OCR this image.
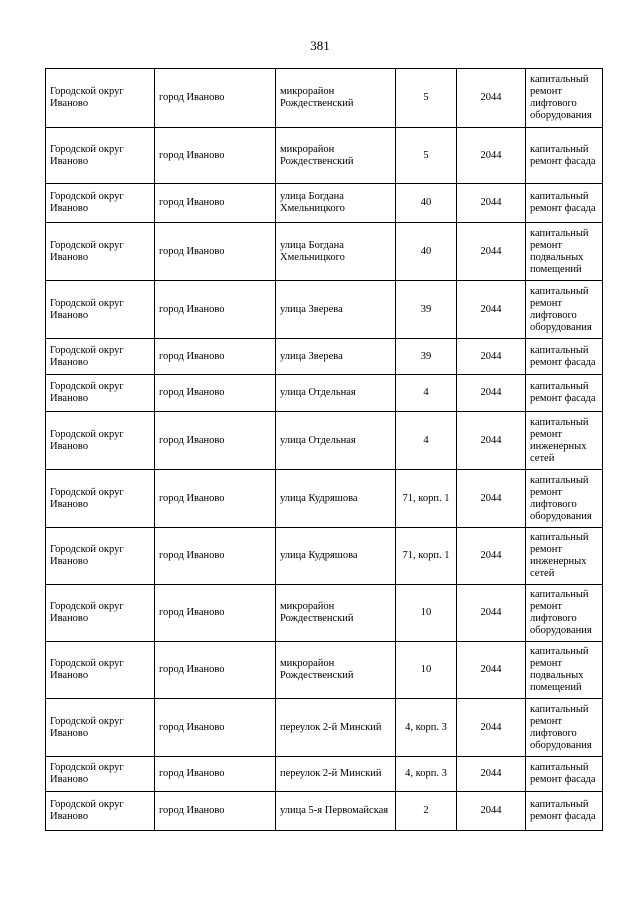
381
Городской округ Иваново	город Иваново	микрорайон Рождественский	5	2044	капитальный ремонт лифтового оборудования
Городской округ Иваново	город Иваново	микрорайон Рождественский	5	2044	капитальный ремонт фасада
Городской округ Иваново	город Иваново	улица Богдана Хмельницкого	40	2044	капитальный ремонт фасада
Городской округ Иваново	город Иваново	улица Богдана Хмельницкого	40	2044	капитальный ремонт подвальных помещений
Городской округ Иваново	город Иваново	улица Зверева	39	2044	капитальный ремонт лифтового оборудования
Городской округ Иваново	город Иваново	улица Зверева	39	2044	капитальный ремонт фасада
Городской округ Иваново	город Иваново	улица Отдельная	4	2044	капитальный ремонт фасада
Городской округ Иваново	город Иваново	улица Отдельная	4	2044	капитальный ремонт инженерных сетей
Городской округ Иваново	город Иваново	улица Кудряшова	71, корп. 1	2044	капитальный ремонт лифтового оборудования
Городской округ Иваново	город Иваново	улица Кудряшова	71, корп. 1	2044	капитальный ремонт инженерных сетей
Городской округ Иваново	город Иваново	микрорайон Рождественский	10	2044	капитальный ремонт лифтового оборудования
Городской округ Иваново	город Иваново	микрорайон Рождественский	10	2044	капитальный ремонт подвальных помещений
Городской округ Иваново	город Иваново	переулок 2-й Минский	4, корп. 3	2044	капитальный ремонт лифтового оборудования
Городской округ Иваново	город Иваново	переулок 2-й Минский	4, корп. 3	2044	капитальный ремонт фасада
Городской округ Иваново	город Иваново	улица 5-я Первомайская	2	2044	капитальный ремонт фасада
